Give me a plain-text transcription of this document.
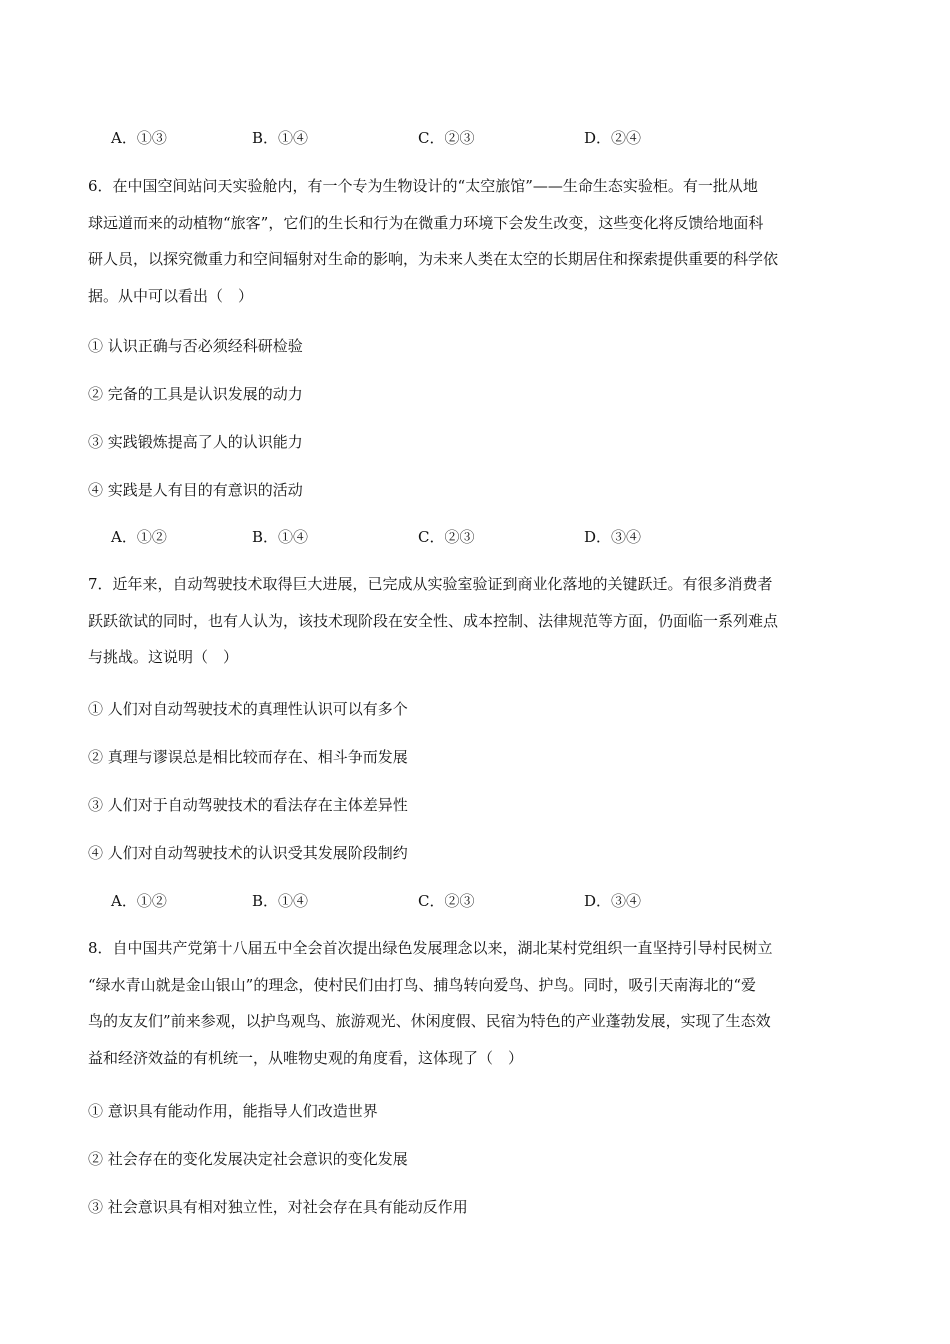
A．①③	B．①④	C．②③	D．②④
6．在中国空间站问天实验舱内，有一个专为生物设计的“太空旅馆”——生命生态实验柜。有一批从地
球远道而来的动植物“旅客”，它们的生长和行为在微重力环境下会发生改变，这些变化将反馈给地面科
研人员，以探究微重力和空间辐射对生命的影响，为未来人类在太空的长期居住和探索提供重要的科学依
据。从中可以看出（　）
① 认识正确与否必须经科研检验
② 完备的工具是认识发展的动力
③ 实践锻炼提高了人的认识能力
④ 实践是人有目的有意识的活动
A．①②	B．①④	C．②③	D．③④
7．近年来，自动驾驶技术取得巨大进展，已完成从实验室验证到商业化落地的关键跃迁。有很多消费者
跃跃欲试的同时，也有人认为，该技术现阶段在安全性、成本控制、法律规范等方面，仍面临一系列难点
与挑战。这说明（　）
① 人们对自动驾驶技术的真理性认识可以有多个
② 真理与谬误总是相比较而存在、相斗争而发展
③ 人们对于自动驾驶技术的看法存在主体差异性
④ 人们对自动驾驶技术的认识受其发展阶段制约
A．①②	B．①④	C．②③	D．③④
8．自中国共产党第十八届五中全会首次提出绿色发展理念以来，湖北某村党组织一直坚持引导村民树立
“绿水青山就是金山银山”的理念，使村民们由打鸟、捕鸟转向爱鸟、护鸟。同时，吸引天南海北的“爱
鸟的友友们”前来参观，以护鸟观鸟、旅游观光、休闲度假、民宿为特色的产业蓬勃发展，实现了生态效
益和经济效益的有机统一，从唯物史观的角度看，这体现了（　）
① 意识具有能动作用，能指导人们改造世界
② 社会存在的变化发展决定社会意识的变化发展
③ 社会意识具有相对独立性，对社会存在具有能动反作用
